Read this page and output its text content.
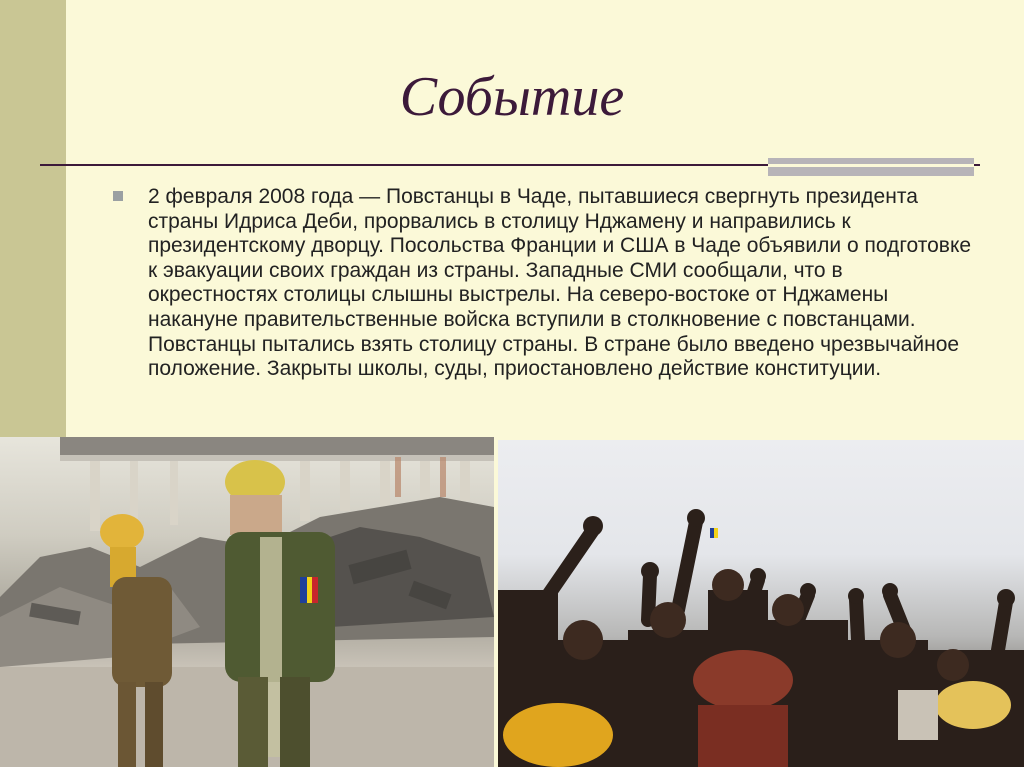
Событие

2 февраля 2008 года — Повстанцы в Чаде, пытавшиеся свергнуть президента страны Идриса Деби, прорвались в столицу Нджамену и направились к президентскому дворцу. Посольства Франции и США в Чаде объявили о подготовке к эвакуации своих граждан из страны. Западные СМИ сообщали, что в окрестностях столицы слышны выстрелы. На северо-востоке от Нджамены накануне правительственные войска вступили в столкновение с повстанцами. Повстанцы пытались взять столицу страны. В стране было введено чрезвычайное положение. Закрыты школы, суды, приостановлено действие конституции.
